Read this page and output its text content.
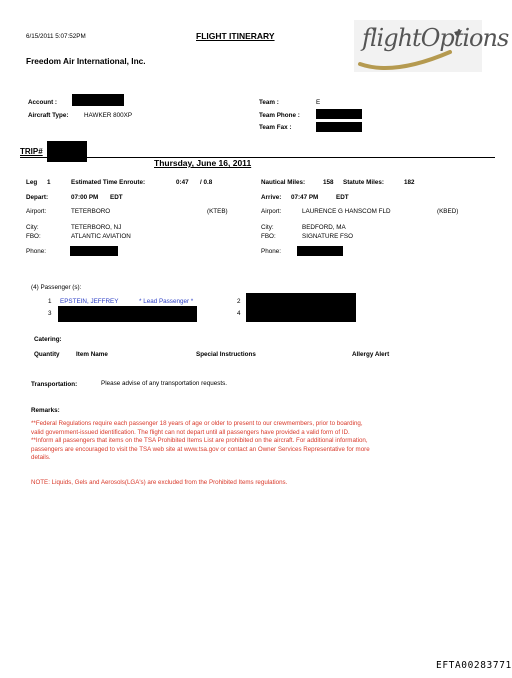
6/15/2011 5:07:52PM	FLIGHT ITINERARY
Freedom Air International, Inc.
flightOptions
Account :
Aircraft Type: HAWKER 800XP
Team :	E
Team Phone :
Team Fax :
TRIP#
Thursday, June 16, 2011
Leg 1	Estimated Time Enroute:	0:47 / 0.8	Nautical Miles:	158 Statute Miles:	182
Depart:	07:00 PM EDT	Arrive: 07:47 PM	EDT
Airport:	TETERBORO	(KTEB)	Airport:	LAURENCE G HANSCOM FLD	(KBED)
City:	TETERBORO, NJ	City:	BEDFORD, MA
FBO:	ATLANTIC AVIATION	FBO:	SIGNATURE FSO
Phone:	Phone:
(4) Passenger (s):
1 EPSTEIN, JEFFREY	* Lead Passenger *
3
2
4
Catering:
Quantity	Item Name	Special Instructions	Allergy Alert
Transportation:	Please advise of any transportation requests.
Remarks:
**Federal Regulations require each passenger 18 years of age or older to present to our crewmembers, prior to boarding,
valid government-issued identification. The flight can not depart until all passengers have provided a valid form of ID.
**Inform all passengers that items on the TSA Prohibited Items List are prohibited on the aircraft. For additional information,
passengers are encouraged to visit the TSA web site at www.tsa.gov or contact an Owner Services Representative for more
details.
NOTE: Liquids, Gels and Aerosols(LGA's) are excluded from the Prohibited Items regulations.
EFTA00283771
